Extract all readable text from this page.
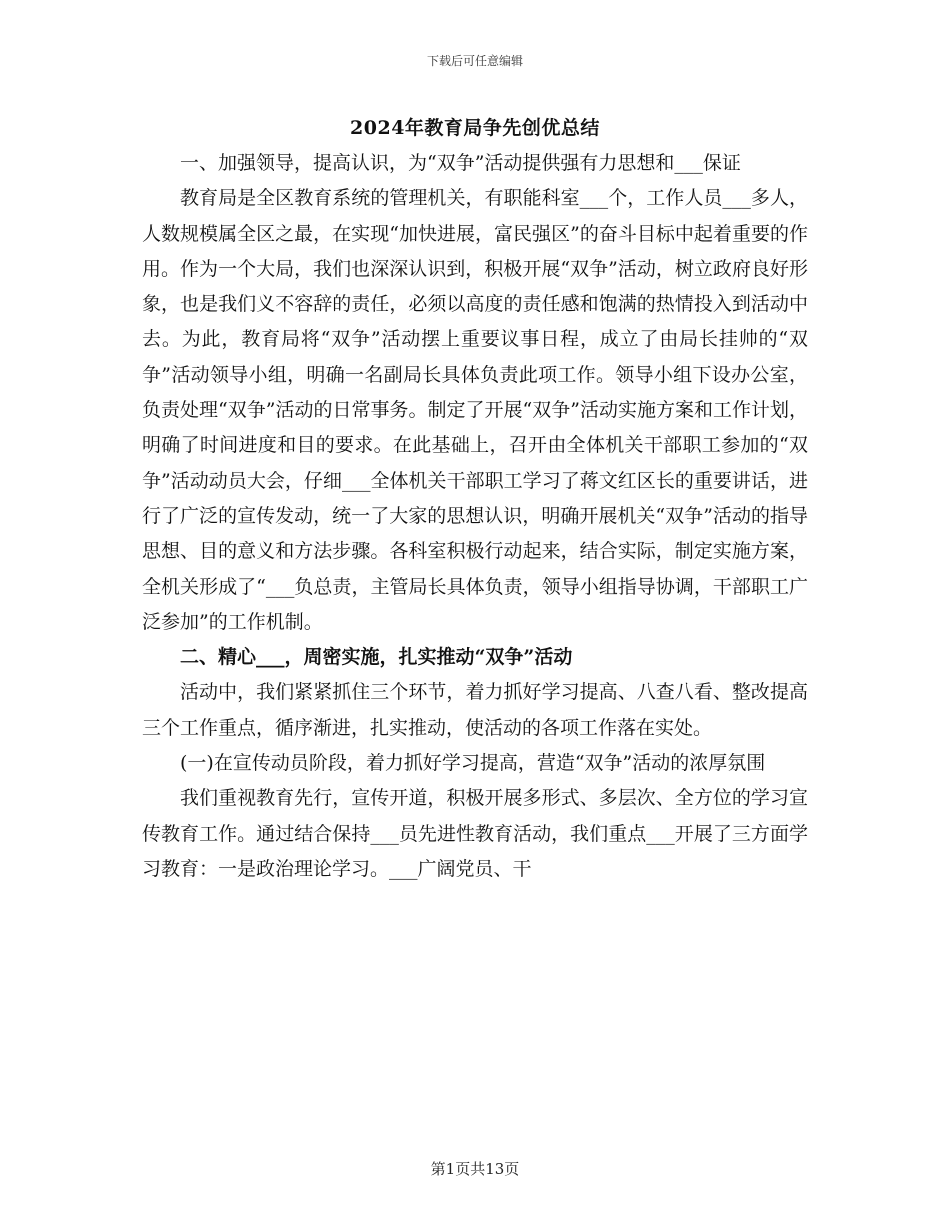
下载后可任意编辑
2024年教育局争先创优总结

一、加强领导，提高认识，为“双争”活动提供强有力思想和___保证

教育局是全区教育系统的管理机关，有职能科室___个，工作人员___多人，人数规模属全区之最，在实现“加快进展，富民强区”的奋斗目标中起着重要的作用。作为一个大局，我们也深深认识到，积极开展“双争”活动，树立政府良好形象，也是我们义不容辞的责任，必须以高度的责任感和饱满的热情投入到活动中去。为此，教育局将“双争”活动摆上重要议事日程，成立了由局长挂帅的“双争”活动领导小组，明确一名副局长具体负责此项工作。领导小组下设办公室，负责处理“双争”活动的日常事务。制定了开展“双争”活动实施方案和工作计划，明确了时间进度和目的要求。在此基础上，召开由全体机关干部职工参加的“双争”活动动员大会，仔细___全体机关干部职工学习了蒋文红区长的重要讲话，进行了广泛的宣传发动，统一了大家的思想认识，明确开展机关“双争”活动的指导思想、目的意义和方法步骤。各科室积极行动起来，结合实际，制定实施方案，全机关形成了“___负总责，主管局长具体负责，领导小组指导协调，干部职工广泛参加”的工作机制。

二、精心___，周密实施，扎实推动“双争”活动

活动中，我们紧紧抓住三个环节，着力抓好学习提高、八查八看、整改提高三个工作重点，循序渐进，扎实推动，使活动的各项工作落在实处。

(一)在宣传动员阶段，着力抓好学习提高，营造“双争”活动的浓厚氛围

我们重视教育先行，宣传开道，积极开展多形式、多层次、全方位的学习宣传教育工作。通过结合保持___员先进性教育活动，我们重点___开展了三方面学习教育：一是政治理论学习。___广阔党员、干

第1页共13页
